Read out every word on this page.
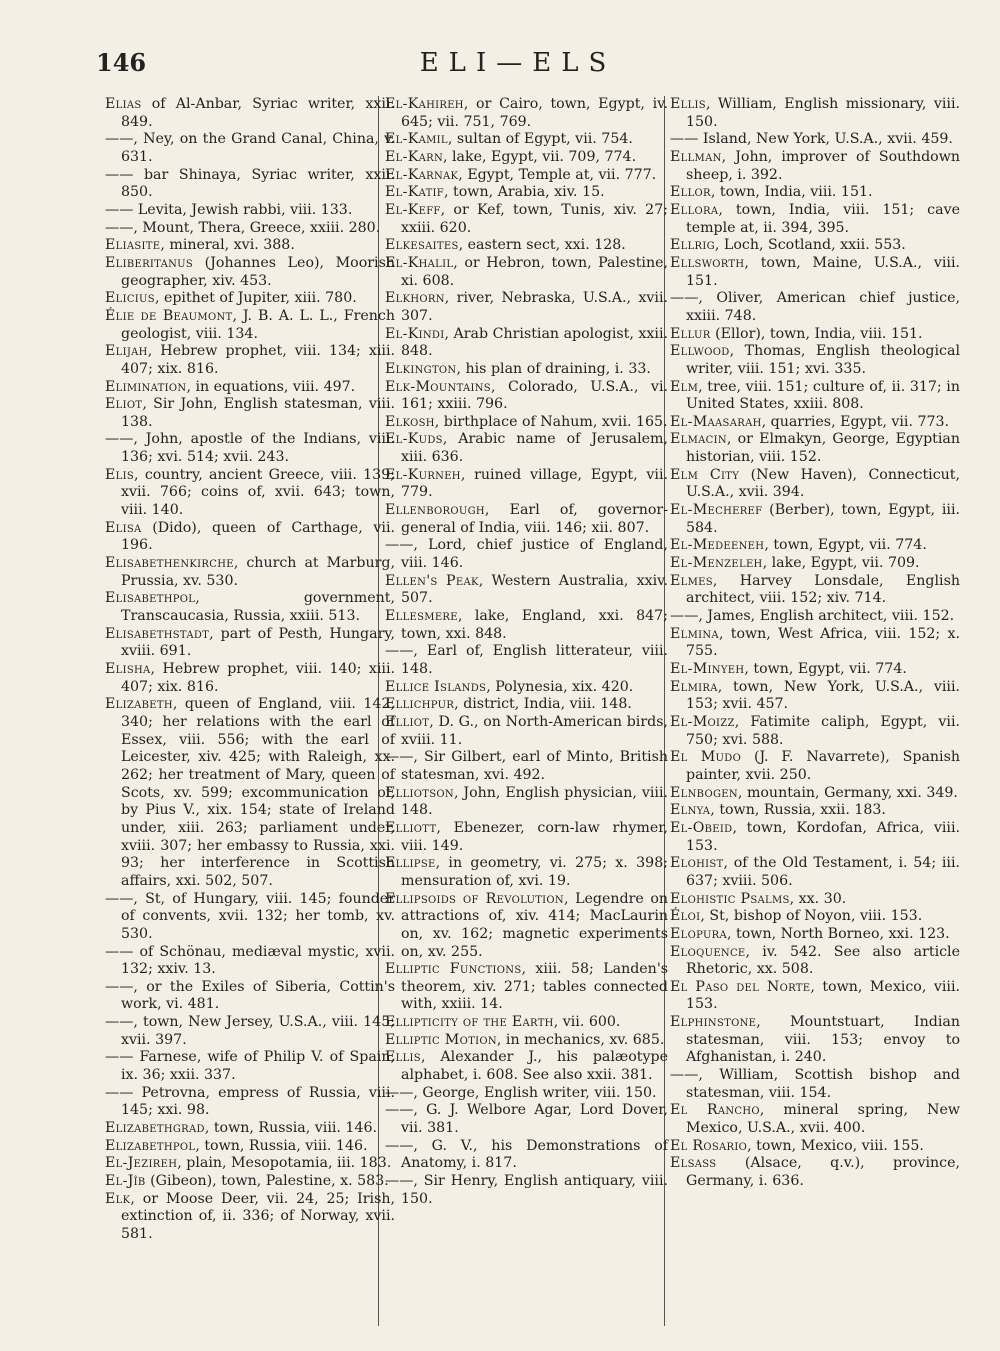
146	ELI—ELS

Elias of Al-Anbar, Syriac writer, xxii. 849.

——, Ney, on the Grand Canal, China, v. 631.

—— bar Shinaya, Syriac writer, xxii. 850.

—— Levita, Jewish rabbi, viii. 133.

——, Mount, Thera, Greece, xxiii. 280.

Eliasite, mineral, xvi. 388.

Eliberitanus (Johannes Leo), Moorish geographer, xiv. 453.

Elicius, epithet of Jupiter, xiii. 780.

Élie de Beaumont, J. B. A. L. L., French geologist, viii. 134.

Elijah, Hebrew prophet, viii. 134; xiii. 407; xix. 816.

Elimination, in equations, viii. 497.

Eliot, Sir John, English statesman, viii. 138.

——, John, apostle of the Indians, viii. 136; xvi. 514; xvii. 243.

Elis, country, ancient Greece, viii. 139; xvii. 766; coins of, xvii. 643; town, viii. 140.

Elisa (Dido), queen of Carthage, vii. 196.

Elisabethenkirche, church at Marburg, Prussia, xv. 530.

Elisabethpol, government, Transcaucasia, Russia, xxiii. 513.

Elisabethstadt, part of Pesth, Hungary, xviii. 691.

Elisha, Hebrew prophet, viii. 140; xiii. 407; xix. 816.

Elizabeth, queen of England, viii. 142, 340; her relations with the earl of Essex, viii. 556; with the earl of Leicester, xiv. 425; with Raleigh, xx. 262; her treatment of Mary, queen of Scots, xv. 599; excommunication of, by Pius V., xix. 154; state of Ireland under, xiii. 263; parliament under, xviii. 307; her embassy to Russia, xxi. 93; her interference in Scottish affairs, xxi. 502, 507.

——, St, of Hungary, viii. 145; founder of convents, xvii. 132; her tomb, xv. 530.

—— of Schönau, mediæval mystic, xvii. 132; xxiv. 13.

——, or the Exiles of Siberia, Cottin's work, vi. 481.

——, town, New Jersey, U.S.A., viii. 145; xvii. 397.

—— Farnese, wife of Philip V. of Spain, ix. 36; xxii. 337.

—— Petrovna, empress of Russia, viii. 145; xxi. 98.

Elizabethgrad, town, Russia, viii. 146.

Elizabethpol, town, Russia, viii. 146.

El-Jezireh, plain, Mesopotamia, iii. 183.

El-Jîb (Gibeon), town, Palestine, x. 583.

Elk, or Moose Deer, vii. 24, 25; Irish, extinction of, ii. 336; of Norway, xvii. 581.

El-Kahireh, or Cairo, town, Egypt, iv. 645; vii. 751, 769.

El-Kamil, sultan of Egypt, vii. 754.

El-Karn, lake, Egypt, vii. 709, 774.

El-Karnak, Egypt, Temple at, vii. 777.

El-Katif, town, Arabia, xiv. 15.

El-Keff, or Kef, town, Tunis, xiv. 27; xxiii. 620.

Elkesaites, eastern sect, xxi. 128.

El-Khalil, or Hebron, town, Palestine, xi. 608.

Elkhorn, river, Nebraska, U.S.A., xvii. 307.

El-Kindi, Arab Christian apologist, xxii. 848.

Elkington, his plan of draining, i. 33.

Elk-Mountains, Colorado, U.S.A., vi. 161; xxiii. 796.

Elkosh, birthplace of Nahum, xvii. 165.

El-Kuds, Arabic name of Jerusalem, xiii. 636.

El-Kurneh, ruined village, Egypt, vii. 779.

Ellenborough, Earl of, governor-general of India, viii. 146; xii. 807.

——, Lord, chief justice of England, viii. 146.

Ellen's Peak, Western Australia, xxiv. 507.

Ellesmere, lake, England, xxi. 847; town, xxi. 848.

——, Earl of, English litterateur, viii. 148.

Ellice Islands, Polynesia, xix. 420.

Ellichpur, district, India, viii. 148.

Elliot, D. G., on North-American birds, xviii. 11.

——, Sir Gilbert, earl of Minto, British statesman, xvi. 492.

Elliotson, John, English physician, viii. 148.

Elliott, Ebenezer, corn-law rhymer, viii. 149.

Ellipse, in geometry, vi. 275; x. 398; mensuration of, xvi. 19.

Ellipsoids of Revolution, Legendre on attractions of, xiv. 414; MacLaurin on, xv. 162; magnetic experiments on, xv. 255.

Elliptic Functions, xiii. 58; Landen's theorem, xiv. 271; tables connected with, xxiii. 14.

Ellipticity of the Earth, vii. 600.

Elliptic Motion, in mechanics, xv. 685.

Ellis, Alexander J., his palæotype alphabet, i. 608. See also xxii. 381.

——, George, English writer, viii. 150.

——, G. J. Welbore Agar, Lord Dover, vii. 381.

——, G. V., his Demonstrations of Anatomy, i. 817.

——, Sir Henry, English antiquary, viii. 150.

Ellis, William, English missionary, viii. 150.

—— Island, New York, U.S.A., xvii. 459.

Ellman, John, improver of Southdown sheep, i. 392.

Ellor, town, India, viii. 151.

Ellora, town, India, viii. 151; cave temple at, ii. 394, 395.

Ellrig, Loch, Scotland, xxii. 553.

Ellsworth, town, Maine, U.S.A., viii. 151.

——, Oliver, American chief justice, xxiii. 748.

Ellur (Ellor), town, India, viii. 151.

Ellwood, Thomas, English theological writer, viii. 151; xvi. 335.

Elm, tree, viii. 151; culture of, ii. 317; in United States, xxiii. 808.

El-Maasarah, quarries, Egypt, vii. 773.

Elmacin, or Elmakyn, George, Egyptian historian, viii. 152.

Elm City (New Haven), Connecticut, U.S.A., xvii. 394.

El-Mecheref (Berber), town, Egypt, iii. 584.

El-Medeeneh, town, Egypt, vii. 774.

El-Menzeleh, lake, Egypt, vii. 709.

Elmes, Harvey Lonsdale, English architect, viii. 152; xiv. 714.

——, James, English architect, viii. 152.

Elmina, town, West Africa, viii. 152; x. 755.

El-Minyeh, town, Egypt, vii. 774.

Elmira, town, New York, U.S.A., viii. 153; xvii. 457.

El-Moizz, Fatimite caliph, Egypt, vii. 750; xvi. 588.

El Mudo (J. F. Navarrete), Spanish painter, xvii. 250.

Elnbogen, mountain, Germany, xxi. 349.

Elnya, town, Russia, xxii. 183.

El-Obeid, town, Kordofan, Africa, viii. 153.

Elohist, of the Old Testament, i. 54; iii. 637; xviii. 506.

Elohistic Psalms, xx. 30.

Éloi, St, bishop of Noyon, viii. 153.

Elopura, town, North Borneo, xxi. 123.

Eloquence, iv. 542. See also article Rhetoric, xx. 508.

El Paso del Norte, town, Mexico, viii. 153.

Elphinstone, Mountstuart, Indian statesman, viii. 153; envoy to Afghanistan, i. 240.

——, William, Scottish bishop and statesman, viii. 154.

El Rancho, mineral spring, New Mexico, U.S.A., xvii. 400.

El Rosario, town, Mexico, viii. 155.

Elsass (Alsace, q.v.), province, Germany, i. 636.
